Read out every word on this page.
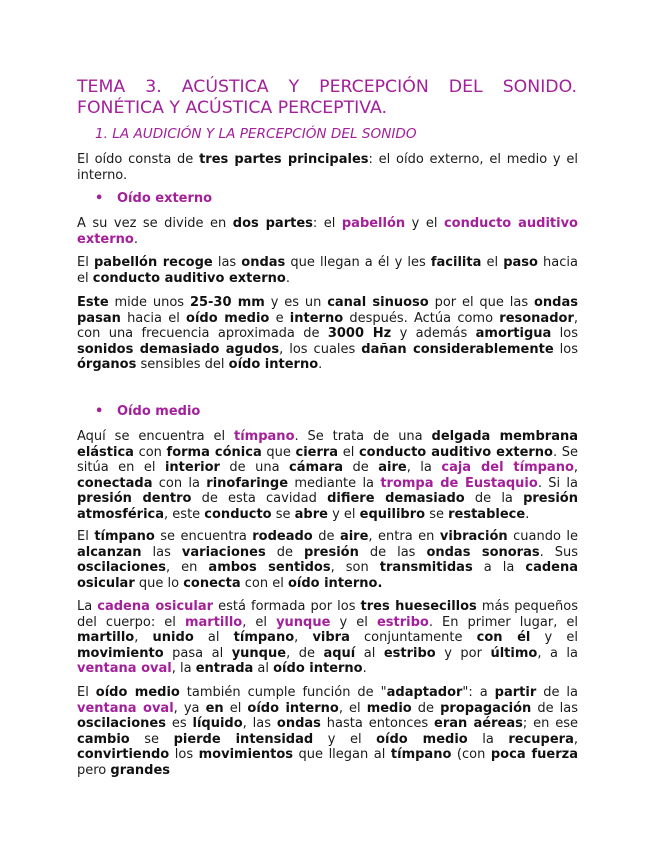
TEMA 3. ACÚSTICA Y PERCEPCIÓN DEL SONIDO.
FONÉTICA Y ACÚSTICA PERCEPTIVA.
1. LA AUDICIÓN Y LA PERCEPCIÓN DEL SONIDO

El oído consta de tres partes principales: el oído externo, el medio y el interno.

• Oído externo

A su vez se divide en dos partes: el pabellón y el conducto auditivo externo.

El pabellón recoge las ondas que llegan a él y les facilita el paso hacia el conducto auditivo externo.

Este mide unos 25-30 mm y es un canal sinuoso por el que las ondas pasan hacia el oído medio e interno después. Actúa como resonador, con una frecuencia aproximada de 3000 Hz y además amortigua los sonidos demasiado agudos, los cuales dañan considerablemente los órganos sensibles del oído interno.

• Oído medio

Aquí se encuentra el tímpano. Se trata de una delgada membrana elástica con forma cónica que cierra el conducto auditivo externo. Se sitúa en el interior de una cámara de aire, la caja del tímpano, conectada con la rinofaringe mediante la trompa de Eustaquio. Si la presión dentro de esta cavidad difiere demasiado de la presión atmosférica, este conducto se abre y el equilibro se restablece.

El tímpano se encuentra rodeado de aire, entra en vibración cuando le alcanzan las variaciones de presión de las ondas sonoras. Sus oscilaciones, en ambos sentidos, son transmitidas a la cadena osicular que lo conecta con el oído interno.

La cadena osicular está formada por los tres huesecillos más pequeños del cuerpo: el martillo, el yunque y el estribo. En primer lugar, el martillo, unido al tímpano, vibra conjuntamente con él y el movimiento pasa al yunque, de aquí al estribo y por último, a la ventana oval, la entrada al oído interno.

El oído medio también cumple función de "adaptador": a partir de la ventana oval, ya en el oído interno, el medio de propagación de las oscilaciones es líquido, las ondas hasta entonces eran aéreas; en ese cambio se pierde intensidad y el oído medio la recupera, convirtiendo los movimientos que llegan al tímpano (con poca fuerza pero grandes
